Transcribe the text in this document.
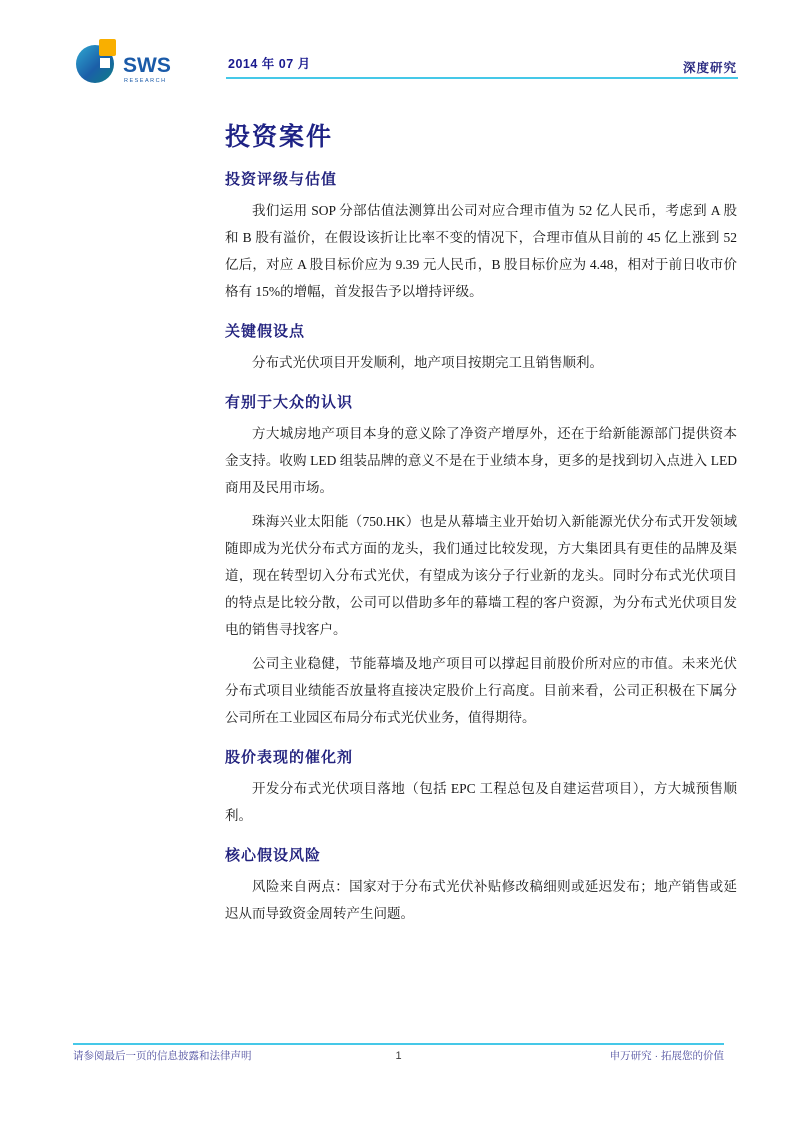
SWS
RESEARCH
2014 年 07 月	深度研究
投资案件
投资评级与估值

我们运用 SOP 分部估值法测算出公司对应合理市值为 52 亿人民币，考虑到 A 股和 B 股有溢价，在假设该折让比率不变的情况下，合理市值从目前的 45 亿上涨到 52 亿后，对应 A 股目标价应为 9.39 元人民币，B 股目标价应为 4.48，相对于前日收市价格有 15%的增幅，首发报告予以增持评级。

关键假设点

分布式光伏项目开发顺利，地产项目按期完工且销售顺利。

有别于大众的认识

方大城房地产项目本身的意义除了净资产增厚外，还在于给新能源部门提供资本金支持。收购 LED 组装品牌的意义不是在于业绩本身，更多的是找到切入点进入 LED 商用及民用市场。

珠海兴业太阳能（750.HK）也是从幕墙主业开始切入新能源光伏分布式开发领域随即成为光伏分布式方面的龙头，我们通过比较发现，方大集团具有更佳的品牌及渠道，现在转型切入分布式光伏，有望成为该分子行业新的龙头。同时分布式光伏项目的特点是比较分散，公司可以借助多年的幕墙工程的客户资源，为分布式光伏项目发电的销售寻找客户。

公司主业稳健，节能幕墙及地产项目可以撑起目前股价所对应的市值。未来光伏分布式项目业绩能否放量将直接决定股价上行高度。目前来看，公司正积极在下属分公司所在工业园区布局分布式光伏业务，值得期待。

股价表现的催化剂

开发分布式光伏项目落地（包括 EPC 工程总包及自建运营项目），方大城预售顺利。

核心假设风险

风险来自两点：国家对于分布式光伏补贴修改稿细则或延迟发布；地产销售或延迟从而导致资金周转产生问题。

请参阅最后一页的信息披露和法律声明	1	申万研究 · 拓展您的价值
